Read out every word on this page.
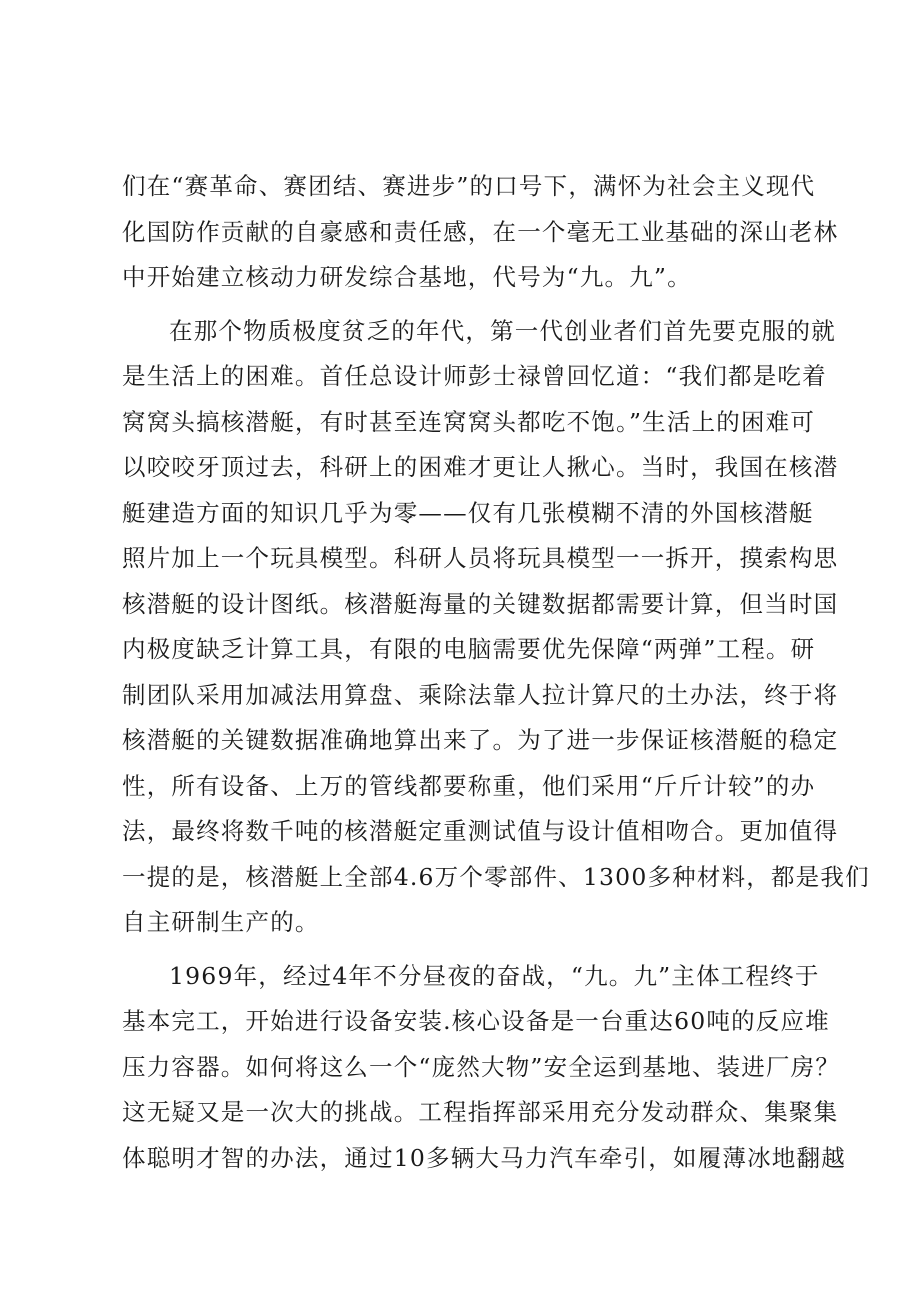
们在“赛革命、赛团结、赛进步”的口号下，满怀为社会主义现代
化国防作贡献的自豪感和责任感，在一个毫无工业基础的深山老林
中开始建立核动力研发综合基地，代号为“九。九”。
在那个物质极度贫乏的年代，第一代创业者们首先要克服的就
是生活上的困难。首任总设计师彭士禄曾回忆道：“我们都是吃着
窝窝头搞核潜艇，有时甚至连窝窝头都吃不饱。”生活上的困难可
以咬咬牙顶过去，科研上的困难才更让人揪心。当时，我国在核潜
艇建造方面的知识几乎为零——仅有几张模糊不清的外国核潜艇
照片加上一个玩具模型。科研人员将玩具模型一一拆开，摸索构思
核潜艇的设计图纸。核潜艇海量的关键数据都需要计算，但当时国
内极度缺乏计算工具，有限的电脑需要优先保障“两弹”工程。研
制团队采用加减法用算盘、乘除法靠人拉计算尺的土办法，终于将
核潜艇的关键数据准确地算出来了。为了进一步保证核潜艇的稳定
性，所有设备、上万的管线都要称重，他们采用“斤斤计较”的办
法，最终将数千吨的核潜艇定重测试值与设计值相吻合。更加值得
一提的是，核潜艇上全部4.6万个零部件、1300多种材料，都是我们
自主研制生产的。
1969年，经过4年不分昼夜的奋战，“九。九”主体工程终于
基本完工，开始进行设备安装.核心设备是一台重达60吨的反应堆
压力容器。如何将这么一个“庞然大物”安全运到基地、装进厂房？
这无疑又是一次大的挑战。工程指挥部采用充分发动群众、集聚集
体聪明才智的办法，通过10多辆大马力汽车牵引，如履薄冰地翻越
